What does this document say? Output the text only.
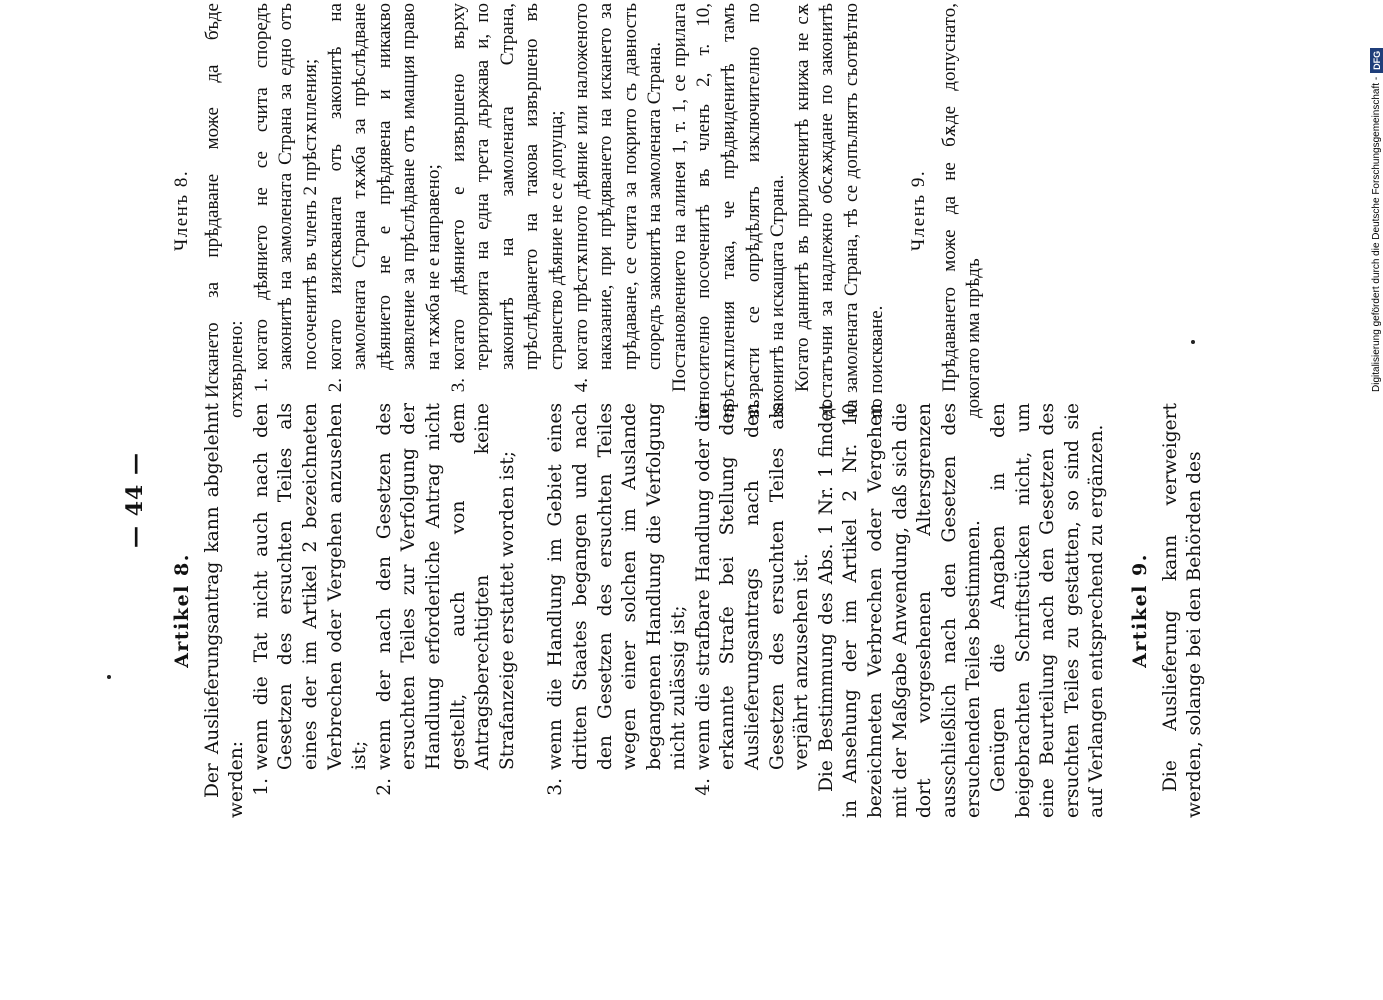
— 44 —
Artikel 8. Der Auslieferungsantrag kann abgelehnt werden: 1.
wenn die Tat nicht auch nach den Gesetzen des ersuchten Teiles als eines der im Artikel 2 bezeichneten Verbrechen oder Vergehen anzusehen ist;
2.
wenn der nach den Gesetzen des ersuchten Teiles zur Verfolgung der Handlung erforderliche Antrag nicht gestellt, auch von dem Antragsberechtigten keine Strafanzeige erstattet worden ist;
3.
wenn die Handlung im Gebiet eines dritten Staates begangen und nach den Gesetzen des ersuchten Teiles wegen einer solchen im Auslande begangenen Handlung die Verfolgung nicht zulässig ist;
4.
wenn die strafbare Handlung oder die erkannte Strafe bei Stellung des Auslieferungsantrags nach den Gesetzen des ersuchten Teiles als verjährt anzusehen ist. Die Bestimmung des Abs. 1 Nr. 1 findet in Ansehung der im Artikel 2 Nr. 10 bezeichneten Verbrechen oder Vergehen mit der Maßgabe Anwendung, daß sich die dort vorgesehenen Altersgrenzen ausschließlich nach den Gesetzen des ersuchenden Teiles bestimmen. Genügen die Angaben in den beigebrachten Schriftstücken nicht, um eine Beurteilung nach den Gesetzen des ersuchten Teiles zu gestatten, so sind sie auf Verlangen entsprechend zu ergänzen. Artikel 9. Die Auslieferung kann verweigert werden, solange bei den Behörden des

Членъ 8. Искането за прѣдаване може да бъде отхвърлено: 1.
когато дѣянието не се счита споредъ законитѣ на замолената Страна за едно отъ посоченитѣ въ членъ 2 прѣстѫпления;
2.
когато изискваната отъ законитѣ на замолената Страна тѫжба за прѣслѣдване дѣянието не е прѣдявена и никакво заявление за прѣслѣдване отъ имащия право на тѫжба не е направено;
3.
когато дѣянието е извършено върху територията на една трета държава и, по законитѣ на замолената Страна, прѣслѣдването на такова извършено въ странство дѣяние не се допуща;
4.
когато прѣстѫпното дѣяние или наложеното наказание, при прѣдяването на искането за прѣдаване, се счита за покрито съ давность споредъ законитѣ на замолената Страна. Постановлението на алинея 1, т. 1, се прилага относително посоченитѣ въ членъ 2, т. 10, прѣстѫпления така, че прѣдвиденитѣ тамъ възрасти се опрѣдѣлятъ изключително по законитѣ на искащата Страна. Когато даннитѣ въ приложенитѣ книжа не сѫ достатъчни за надлежно обсѫждане по законитѣ на замолената Страна, тѣ се допълнятъ съотвѣтно по поискване.

Членъ 9. Прѣдаването може да не бѫде допуснато, докогато има прѣдъ	Digitalisierung gefördert durch die Deutsche Forschungsgemeinschaft -
DFG
